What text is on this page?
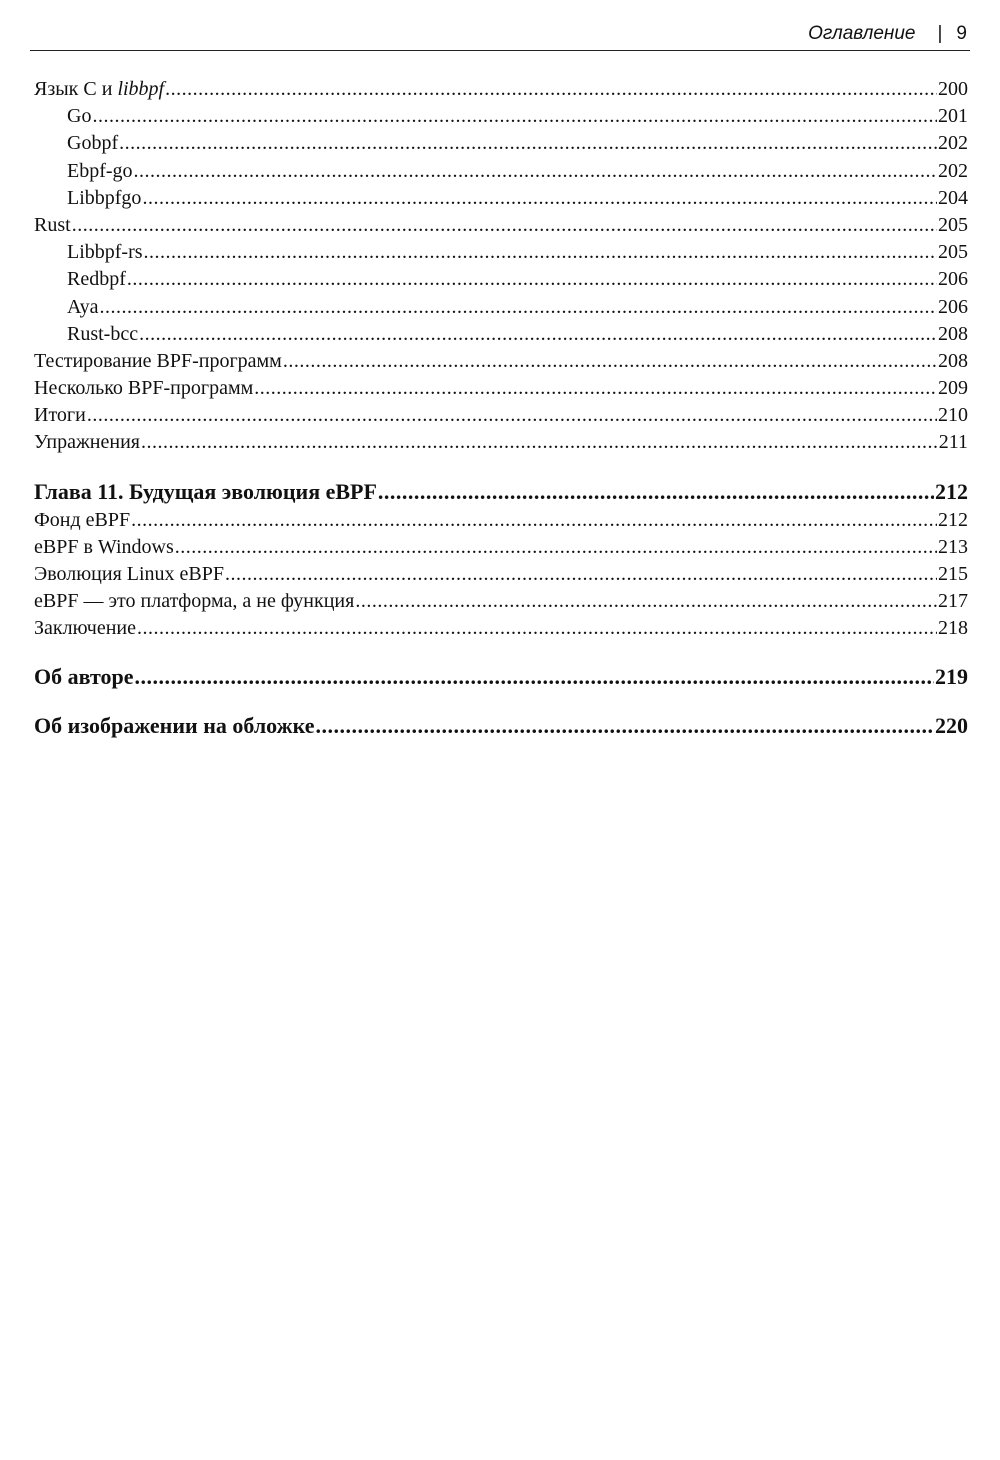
Оглавление | 9
Язык C и libbpf .....	200
Go .....	201
Gobpf .....	202
Ebpf-go .....	202
Libbpfgo .....	204
Rust .....	205
Libbpf-rs .....	205
Redbpf .....	206
Aya .....	206
Rust-bcc .....	208
Тестирование BPF-программ .....	208
Несколько BPF-программ .....	209
Итоги .....	210
Упражнения .....	211
Глава 11. Будущая эволюция eBPF .....	212
Фонд eBPF .....	212
eBPF в Windows .....	213
Эволюция Linux eBPF .....	215
eBPF — это платформа, а не функция .....	217
Заключение .....	218
Об авторе .....	219
Об изображении на обложке .....	220
